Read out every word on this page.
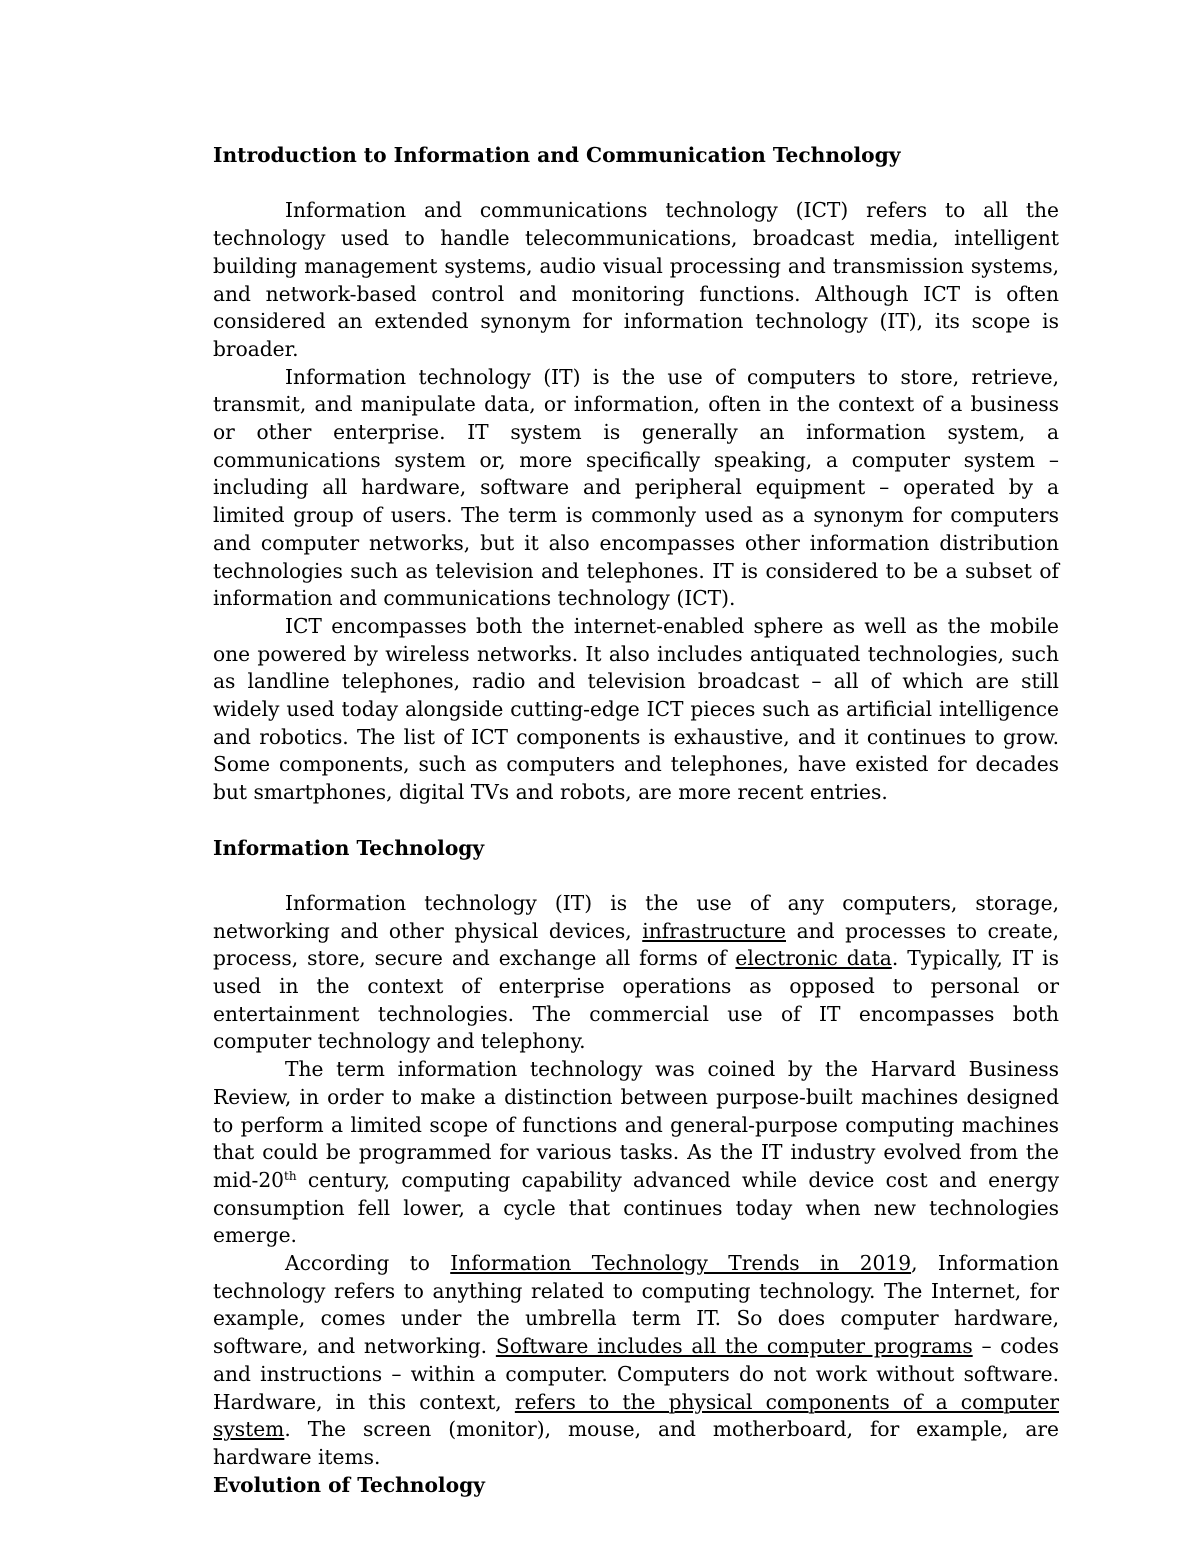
Introduction to Information and Communication Technology

Information and communications technology (ICT) refers to all the technology used to handle telecommunications, broadcast media, intelligent building management systems, audio visual processing and transmission systems, and network-based control and monitoring functions. Although ICT is often considered an extended synonym for information technology (IT), its scope is broader.

Information technology (IT) is the use of computers to store, retrieve, transmit, and manipulate data, or information, often in the context of a business or other enterprise. IT system is generally an information system, a communications system or, more specifically speaking, a computer system – including all hardware, software and peripheral equipment – operated by a limited group of users. The term is commonly used as a synonym for computers and computer networks, but it also encompasses other information distribution technologies such as television and telephones. IT is considered to be a subset of information and communications technology (ICT).

ICT encompasses both the internet-enabled sphere as well as the mobile one powered by wireless networks. It also includes antiquated technologies, such as landline telephones, radio and television broadcast – all of which are still widely used today alongside cutting-edge ICT pieces such as artificial intelligence and robotics. The list of ICT components is exhaustive, and it continues to grow. Some components, such as computers and telephones, have existed for decades but smartphones, digital TVs and robots, are more recent entries.

Information Technology

Information technology (IT) is the use of any computers, storage, networking and other physical devices, infrastructure and processes to create, process, store, secure and exchange all forms of electronic data. Typically, IT is used in the context of enterprise operations as opposed to personal or entertainment technologies. The commercial use of IT encompasses both computer technology and telephony.

The term information technology was coined by the Harvard Business Review, in order to make a distinction between purpose-built machines designed to perform a limited scope of functions and general-purpose computing machines that could be programmed for various tasks. As the IT industry evolved from the mid-20th century, computing capability advanced while device cost and energy consumption fell lower, a cycle that continues today when new technologies emerge.

According to Information Technology Trends in 2019, Information technology refers to anything related to computing technology. The Internet, for example, comes under the umbrella term IT. So does computer hardware, software, and networking. Software includes all the computer programs – codes and instructions – within a computer. Computers do not work without software. Hardware, in this context, refers to the physical components of a computer system. The screen (monitor), mouse, and motherboard, for example, are hardware items.

Evolution of Technology
